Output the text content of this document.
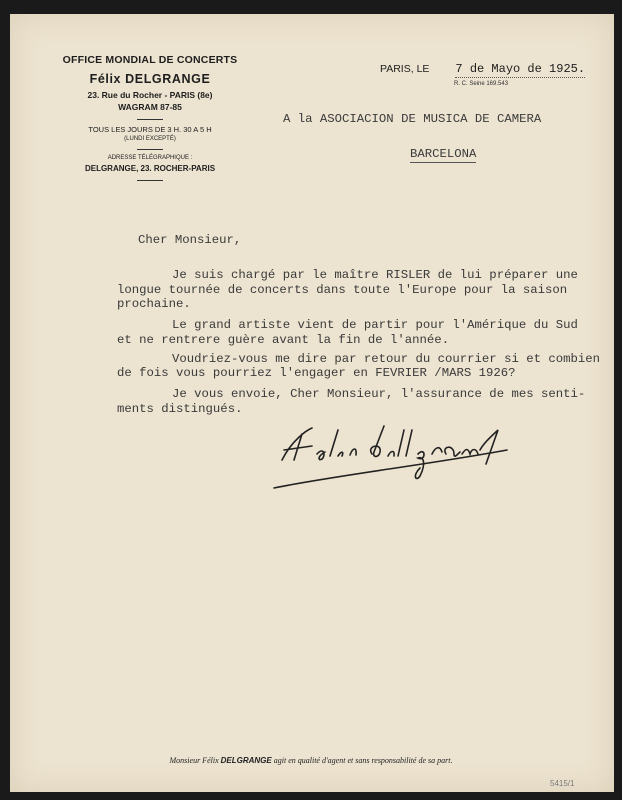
OFFICE MONDIAL DE CONCERTS
Félix DELGRANGE
23. Rue du Rocher - PARIS (8e)
WAGRAM 87-85
TOUS LES JOURS DE 3 H. 30 A 5 H
(LUNDI EXCEPTÉ)
ADRESSE TÉLÉGRAPHIQUE :
DELGRANGE, 23. ROCHER-PARIS
PARIS, LE 7 de Mayo de 1925.
R. C. Seine 169.543
A la ASOCIACION DE MUSICA DE CAMERA
BARCELONA
Cher Monsieur,
Je suis chargé par le maître RISLER de lui préparer une
longue tournée de concerts dans toute l'Europe pour la saison
prochaine.
Le grand artiste vient de partir pour l'Amérique du Sud
et ne rentrere guère avant la fin de l'année.
Voudriez-vous me dire par retour du courrier si et combien
de fois vous pourriez l'engager en FEVRIER /MARS 1926?
Je vous envoie, Cher Monsieur, l'assurance de mes senti-
ments distingués.
Monsieur Félix DELGRANGE agit en qualité d'agent et sans responsabilité de sa part.
5415/1
